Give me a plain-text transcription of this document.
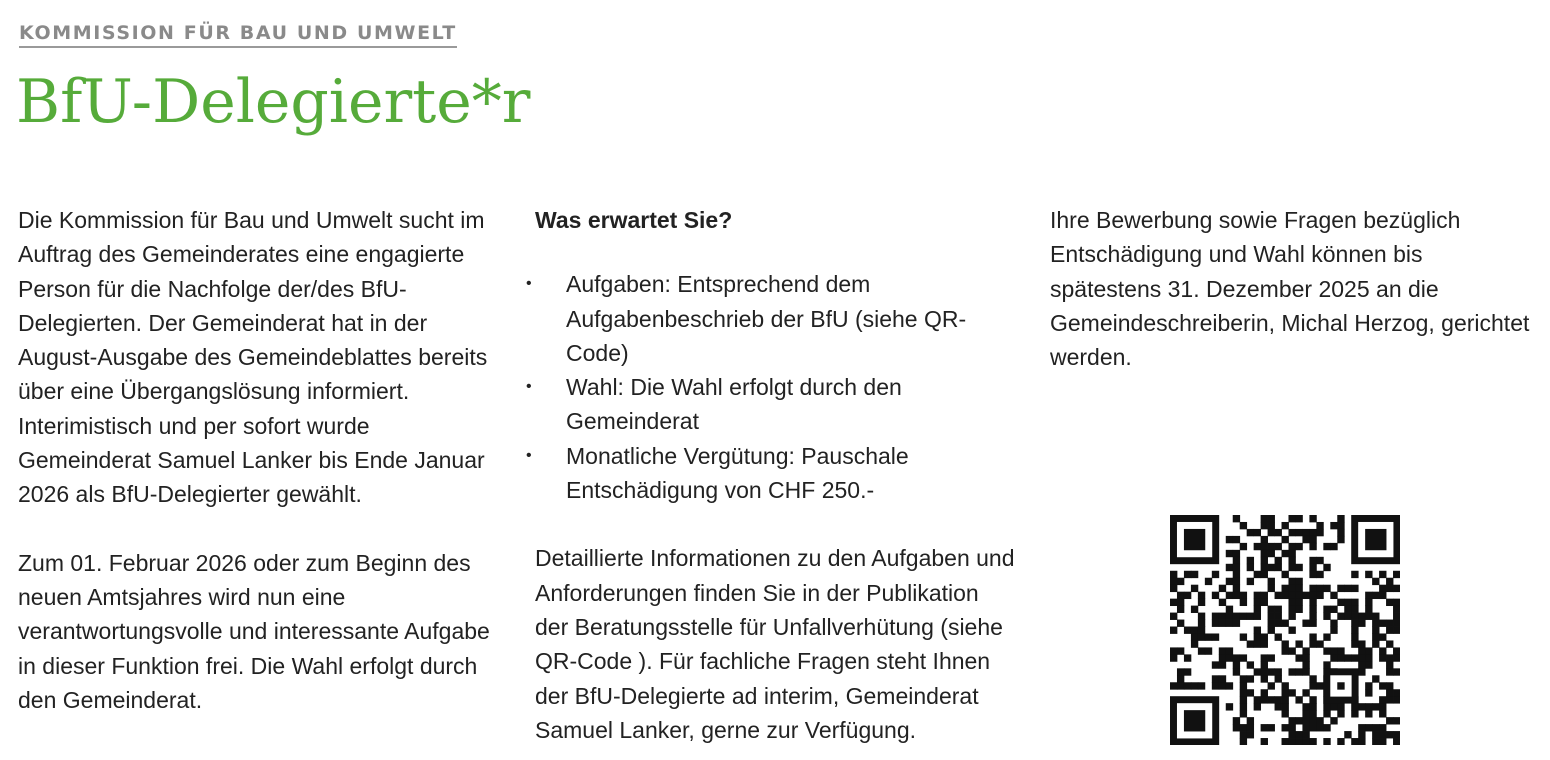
KOMMISSION FÜR BAU UND UMWELT
BfU-Delegierte*r

Die Kommission für Bau und Umwelt sucht im Auftrag des Gemeinderates eine engagierte Person für die Nachfolge der/des BfU-Delegierten. Der Gemeinderat hat in der August-Ausgabe des Gemeindeblattes bereits über eine Übergangslösung informiert. Interimistisch und per sofort wurde Gemeinderat Samuel Lanker bis Ende Januar 2026 als BfU-Delegierter gewählt.

Zum 01. Februar 2026 oder zum Beginn des neuen Amtsjahres wird nun eine verantwortungsvolle und interessante Aufgabe in dieser Funktion frei. Die Wahl erfolgt durch den Gemeinderat.

Was erwartet Sie?

• Aufgaben: Entsprechend dem Aufgabenbeschrieb der BfU (siehe QR-Code)
• Wahl: Die Wahl erfolgt durch den Gemeinderat
• Monatliche Vergütung: Pauschale Entschädigung von CHF 250.-

Detaillierte Informationen zu den Aufgaben und Anforderungen finden Sie in der Publikation der Beratungsstelle für Unfallverhütung (siehe QR-Code ). Für fachliche Fragen steht Ihnen der BfU-Delegierte ad interim, Gemeinderat Samuel Lanker, gerne zur Verfügung.

Ihre Bewerbung sowie Fragen bezüglich Entschädigung und Wahl können bis spätestens 31. Dezember 2025 an die Gemeindeschreiberin, Michal Herzog, gerichtet werden.
